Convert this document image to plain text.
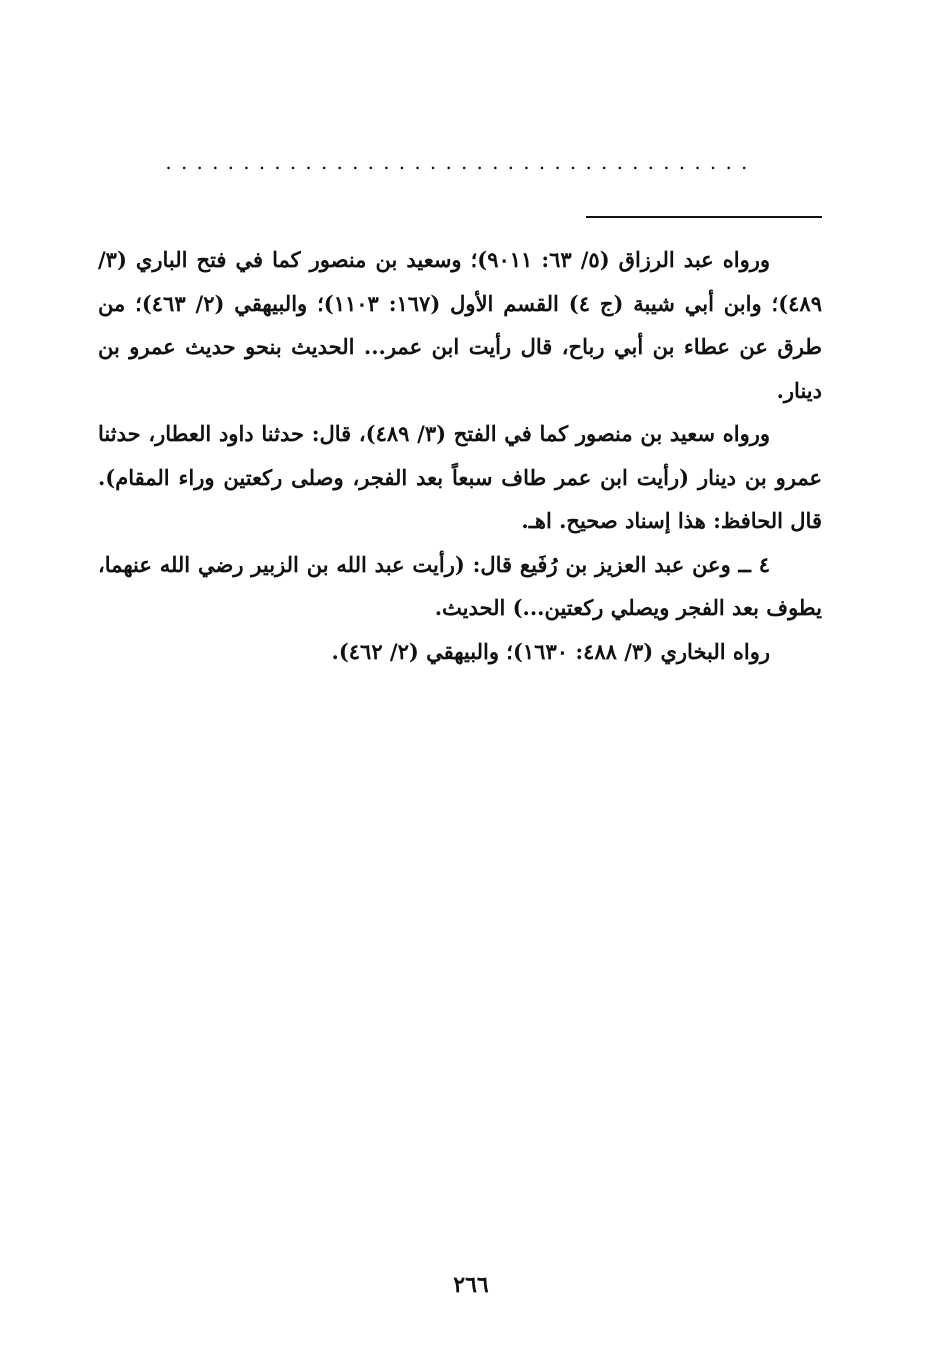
......................................

ورواه عبد الرزاق (٥/ ٦٣: ٩٠١١)؛ وسعيد بن منصور كما في فتح الباري (٣/ ٤٨٩)؛ وابن أبي شيبة (ج ٤) القسم الأول (١٦٧: ١١٠٣)؛ والبيهقي (٢/ ٤٦٣)؛ من طرق عن عطاء بن أبي رباح، قال رأيت ابن عمر... الحديث بنحو حديث عمرو بن دينار.

ورواه سعيد بن منصور كما في الفتح (٣/ ٤٨٩)، قال: حدثنا داود العطار، حدثنا عمرو بن دينار (رأيت ابن عمر طاف سبعاً بعد الفجر، وصلى ركعتين وراء المقام). قال الحافظ: هذا إسناد صحيح. اهـ.

٤ ــ وعن عبد العزيز بن رُفَيع قال: (رأيت عبد الله بن الزبير رضي الله عنهما، يطوف بعد الفجر ويصلي ركعتين...) الحديث.

رواه البخاري (٣/ ٤٨٨: ١٦٣٠)؛ والبيهقي (٢/ ٤٦٢).

٢٦٦
